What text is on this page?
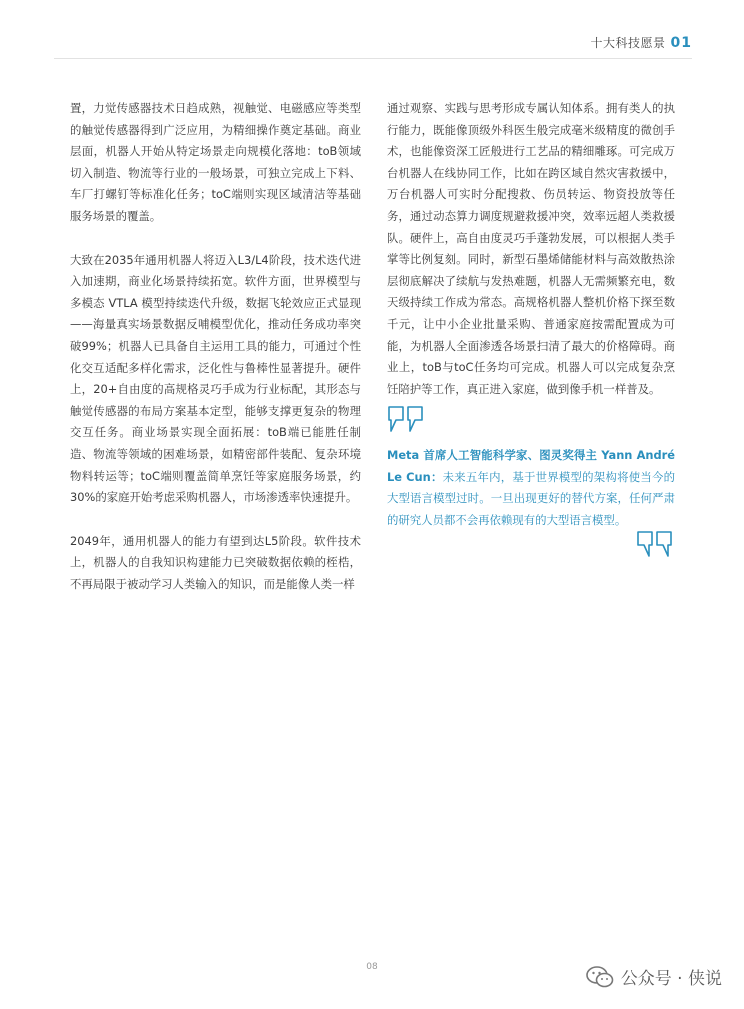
十大科技愿景 01

置，力觉传感器技术日趋成熟，视触觉、电磁感应等类型的触觉传感器得到广泛应用，为精细操作奠定基础。商业层面，机器人开始从特定场景走向规模化落地：toB领域切入制造、物流等行业的一般场景，可独立完成上下料、车厂打螺钉等标准化任务；toC端则实现区域清洁等基础服务场景的覆盖。

大致在2035年通用机器人将迈入L3/L4阶段，技术迭代进入加速期，商业化场景持续拓宽。软件方面，世界模型与多模态 VTLA 模型持续迭代升级，数据飞轮效应正式显现——海量真实场景数据反哺模型优化，推动任务成功率突破99%；机器人已具备自主运用工具的能力，可通过个性化交互适配多样化需求，泛化性与鲁棒性显著提升。硬件上，20+自由度的高规格灵巧手成为行业标配，其形态与触觉传感器的布局方案基本定型，能够支撑更复杂的物理交互任务。商业场景实现全面拓展：toB端已能胜任制造、物流等领域的困难场景，如精密部件装配、复杂环境物料转运等；toC端则覆盖简单烹饪等家庭服务场景，约30%的家庭开始考虑采购机器人，市场渗透率快速提升。

2049年，通用机器人的能力有望到达L5阶段。软件技术上，机器人的自我知识构建能力已突破数据依赖的桎梏，不再局限于被动学习人类输入的知识，而是能像人类一样

通过观察、实践与思考形成专属认知体系。拥有类人的执行能力，既能像顶级外科医生般完成毫米级精度的微创手术，也能像资深工匠般进行工艺品的精细雕琢。可完成万台机器人在线协同工作，比如在跨区域自然灾害救援中，万台机器人可实时分配搜救、伤员转运、物资投放等任务，通过动态算力调度规避救援冲突，效率远超人类救援队。硬件上，高自由度灵巧手蓬勃发展，可以根据人类手掌等比例复刻。同时，新型石墨烯储能材料与高效散热涂层彻底解决了续航与发热难题，机器人无需频繁充电，数天级持续工作成为常态。高规格机器人整机价格下探至数千元，让中小企业批量采购、普通家庭按需配置成为可能，为机器人全面渗透各场景扫清了最大的价格障碍。商业上，toB与toC任务均可完成。机器人可以完成复杂烹饪陪护等工作，真正进入家庭，做到像手机一样普及。

Meta 首席人工智能科学家、图灵奖得主 Yann André Le Cun：未来五年内，基于世界模型的架构将使当今的大型语言模型过时。一旦出现更好的替代方案，任何严肃的研究人员都不会再依赖现有的大型语言模型。
08
公众号 · 侠说
